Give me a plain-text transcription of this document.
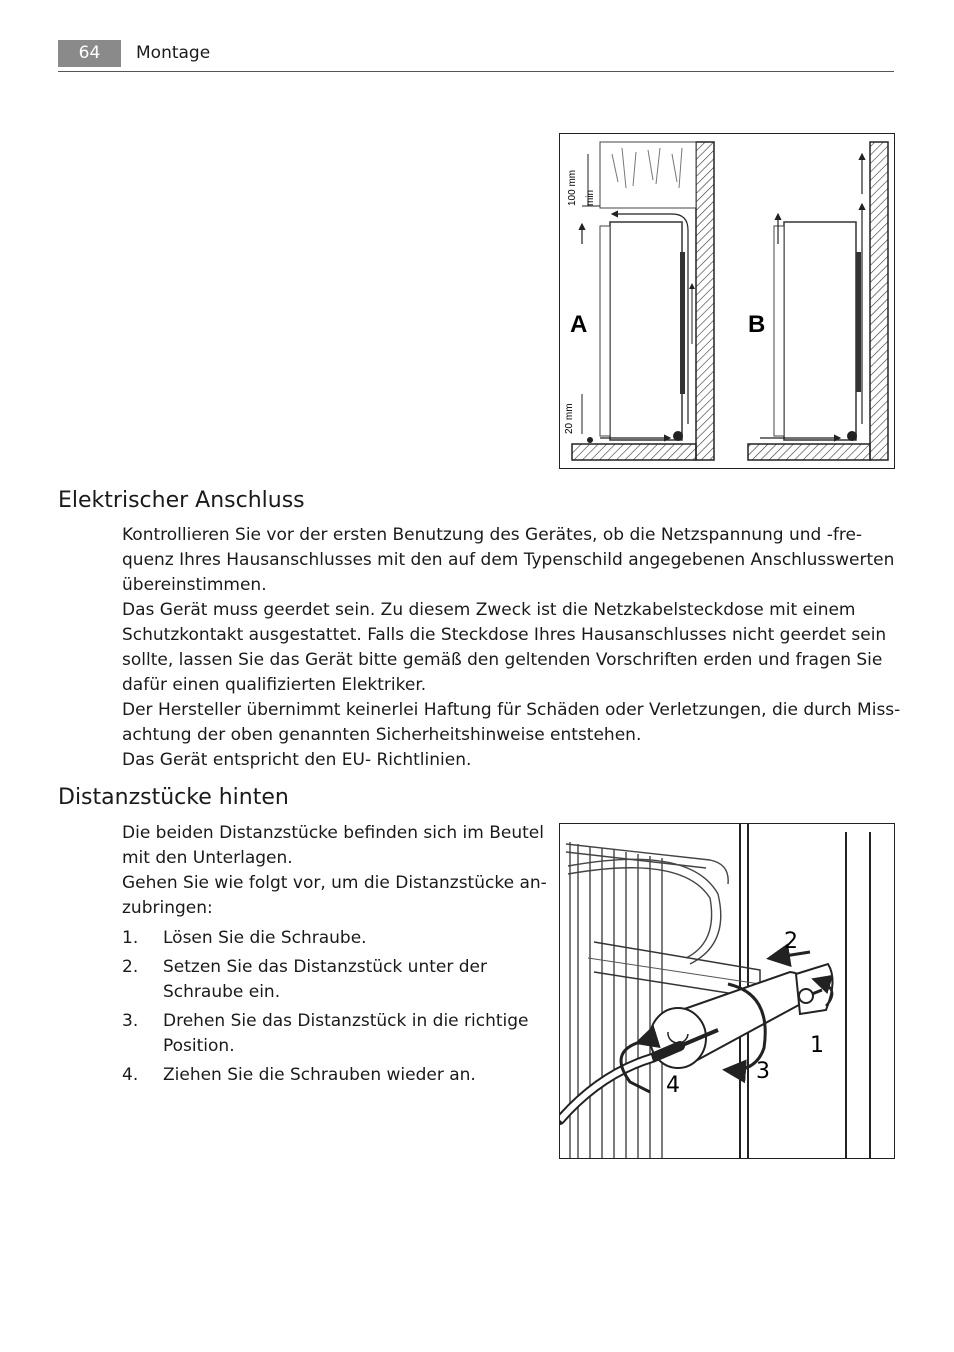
64	Montage
100 mm min
20 mm
A	B
Elektrischer Anschluss
Kontrollieren Sie vor der ersten Benutzung des Gerätes, ob die Netzspannung und -fre-
quenz Ihres Hausanschlusses mit den auf dem Typenschild angegebenen Anschlusswerten
übereinstimmen.
Das Gerät muss geerdet sein. Zu diesem Zweck ist die Netzkabelsteckdose mit einem
Schutzkontakt ausgestattet. Falls die Steckdose Ihres Hausanschlusses nicht geerdet sein
sollte, lassen Sie das Gerät bitte gemäß den geltenden Vorschriften erden und fragen Sie
dafür einen qualifizierten Elektriker.
Der Hersteller übernimmt keinerlei Haftung für Schäden oder Verletzungen, die durch Miss-
achtung der oben genannten Sicherheitshinweise entstehen.
Das Gerät entspricht den EU- Richtlinien.
Distanzstücke hinten
Die beiden Distanzstücke befinden sich im Beutel
mit den Unterlagen.
Gehen Sie wie folgt vor, um die Distanzstücke an-
zubringen:
1. Lösen Sie die Schraube.
2. Setzen Sie das Distanzstück unter der
Schraube ein.
3. Drehen Sie das Distanzstück in die richtige
Position.
4. Ziehen Sie die Schrauben wieder an.
2
1
3
4
